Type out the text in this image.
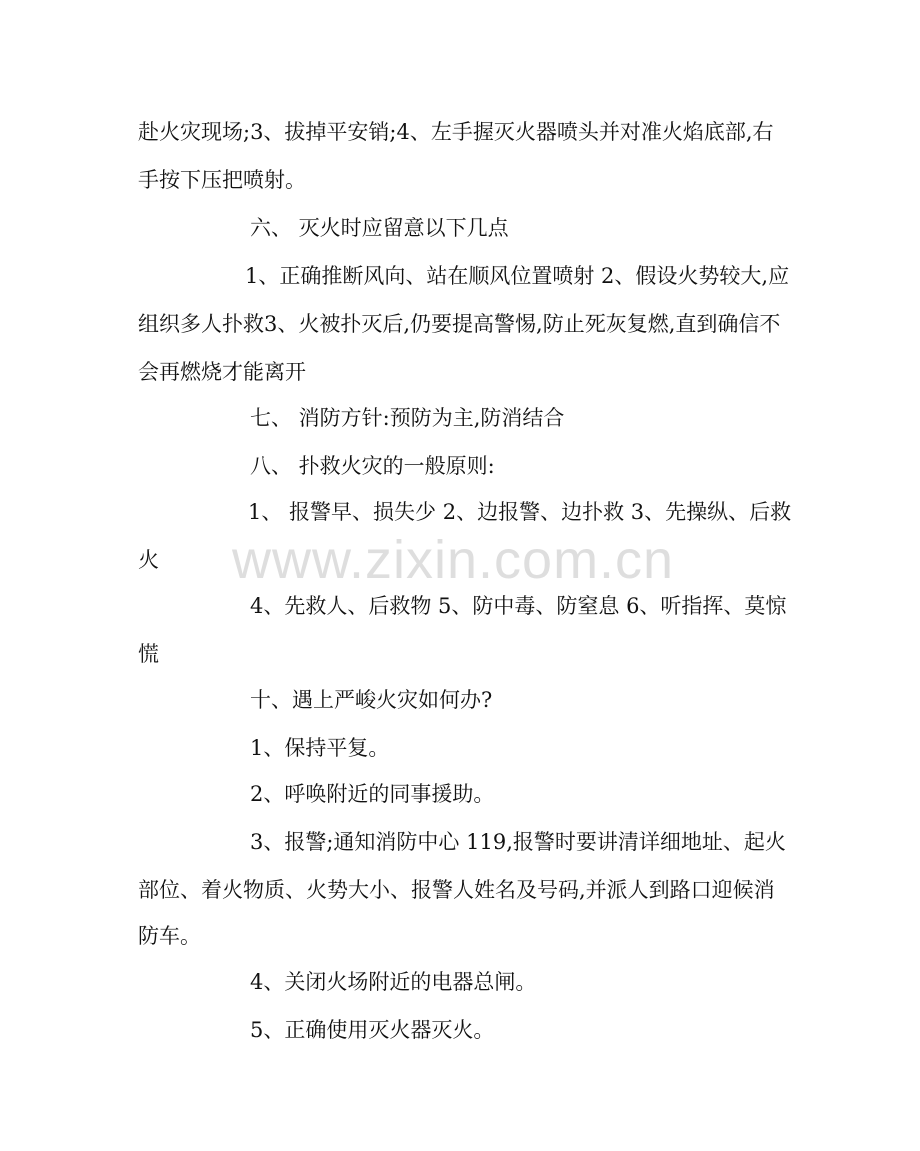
赴火灾现场;3、拔掉平安销;4、左手握灭火器喷头并对准火焰底部,右
手按下压把喷射。
六、 灭火时应留意以下几点
1、正确推断风向、站在顺风位置喷射 2、假设火势较大,应
组织多人扑救3、火被扑灭后,仍要提高警惕,防止死灰复燃,直到确信不
会再燃烧才能离开
七、 消防方针:预防为主,防消结合
八、 扑救火灾的一般原则:
1、 报警早、损失少 2、边报警、边扑救 3、先操纵、后救
火
4、先救人、后救物 5、防中毒、防窒息 6、听指挥、莫惊
慌
十、遇上严峻火灾如何办?
1、保持平复。
2、呼唤附近的同事援助。
3、报警;通知消防中心 119,报警时要讲清详细地址、起火
部位、着火物质、火势大小、报警人姓名及号码,并派人到路口迎候消
防车。
4、关闭火场附近的电器总闸。
5、正确使用灭火器灭火。
www.zixin.com.cn
